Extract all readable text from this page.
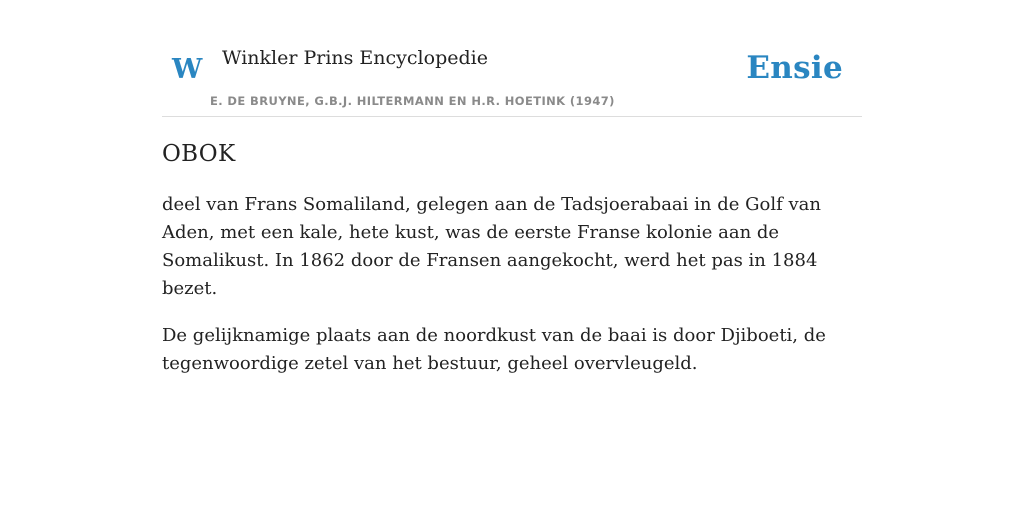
W Winkler Prins Encyclopedie
E. DE BRUYNE, G.B.J. HILTERMANN EN H.R. HOETINK (1947)
Ensie
OBOK

deel van Frans Somaliland, gelegen aan de Tadsjoerabaai in de Golf van Aden, met een kale, hete kust, was de eerste Franse kolonie aan de Somalikust. In 1862 door de Fransen aangekocht, werd het pas in 1884 bezet.

De gelijknamige plaats aan de noordkust van de baai is door Djiboeti, de tegenwoordige zetel van het bestuur, geheel overvleugeld.
